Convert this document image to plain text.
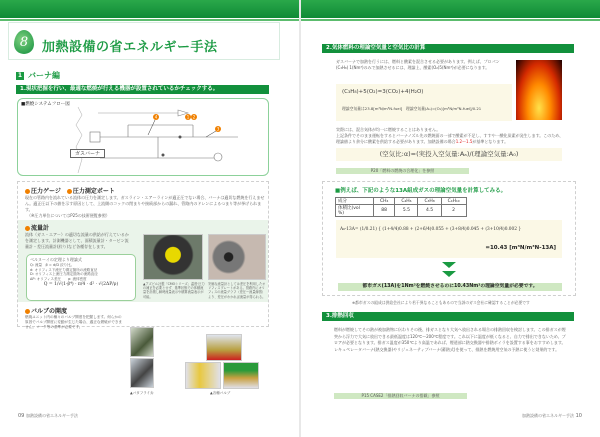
8	加熱設備の省エネルギー手法
1 バーナ編
1.現状把握を行い、最適な燃焼が行える機器が設置されているかチェックする。
■燃焼システムフロー図
4	1 2
3
ガスバーナ
圧力ゲージ　 圧力測定ポート
現在の管路内を流れている流体の圧力を測定します。ガスライン・エアーラインが適正圧でない場合、バーナは適切な燃焼を行えません。適正圧以下の値を示す原因として、上流側のコックの閉まりや接続部からの漏れ、管路内のドレンによるつまり等が挙げられます。
（※圧力単位についてはP25の技術便覧参照）
流量計
流体（ガス・エアー）の適切な流量の供給が行えているかを測定します。計測機器として、面積流量計・タービン流量計・差圧流量計(絞り)など各種存在します。
ベルヌーイの定理より理論式
Q: 流量　β = d/D 絞り比。
d: オリフィス下流圧力測定箇所の流路直径
D: オリフィス上流圧力測定箇所の流路直径
ΔP: オリフィス差圧　　ρ: 流体密度
Q = 1/√(1-β⁴) · π/4 · d² · √(2ΔP/ρ)	▲アズビル社製「CMOシリーズ」温度·圧力の補正を必要とせず、基準状態での体積流量を計測し瞬時流量表示や積算流量表示が可能。
安価な流量計としては差圧を利用したオリフィスプレートがある。管路内にオリフィスの流量グラフ（差圧ー流量線図）より、差圧がわかれば流量が得られる。
バルブの開度
燃焼ユニット内の種々のバルブ開度を把握します。何らかの原因でバルブ開度に変動が生じた場合、適正な燃焼ができません。マーク等の基準が必要です。
▲バタフライ弁	▲各種バルブ
09 加熱設備の省エネルギー手法
2.気体燃料の理論空気量と空気比の計算
ガスバーナで加熱を行うには、燃料と酸素を混合させる必要があります。例えば、プロパン(C₃H₈) 1(Nm³)のみで加熱させるには、理論上、酸素(O₂)5(Nm³)が必要になります。
(C₃H₈)+5(O₂)=3(CO₂)+4(H₂O)
理論空気量は23.8[m³N/m³N-fuel]　理論空気量(A₀)=(O₂)[m³N/m³N-fuel]/0.21
実際には、混合気体が均一に燃焼することはありません。
上記条件でそのまま運転をするとバーナノズル先の燃焼面の一部で酸素が不足し、すすや一酸化炭素が発生します。このため、理論値より余分に酸素を供給する必要があります。加熱設備の場合1.2〜1.5が基準となります。
(空気比:α)=(実投入空気量:Aₐ)/(理論空気量:A₀)
P20「燃料の燃焼の合理化」を参照
■例えば、下記のような13A組成ガスの理論空気量を計算してみる。
成分	CH₄	C₂H₆	C₃H₈	C₄H₁₀
体積比(vol %)	88	5.5	4.5	2
A₀-13A= (1/0.21) { (1+4/4)0.88 + (2+6/4)0.055 + (3+8/4)0.045 + (3+10/4)0.002 }
=10.43 [m³N/m³N-13A]
都市ガス(13A)を1Nm³を燃焼させるのに10.43Nm³の理論空気量が必要です。
※都市ガスの組成は供給会社により若干異なることもあるので当該のガス会社に確認することが必要です
3.排熱回収
燃料が燃焼してその熱が被加熱物に伝わりその後、排ガスとなり大気へ放出される場合の排熱回収を検討します。この排ガスが煙突から浮力で大気に放出できる最低温度は120℃〜200℃程度です。これ以下に温度が低くなると、自力で排出できないため、ブロアが必要となります。排ガス温度が350℃より高温であれば、煙道部に熱交換器や排熱ボイラを設置する事をおすすめします。レキュペレータバーナ(熱交換器)やリジェネーティブバーナ(蓄熱式)を使って、排熱を燃焼用空気の予熱に使うと効果的です。
P15 CASE2「排熱回収バーナの搭載」参照
加熱設備の省エネルギー手法 10
